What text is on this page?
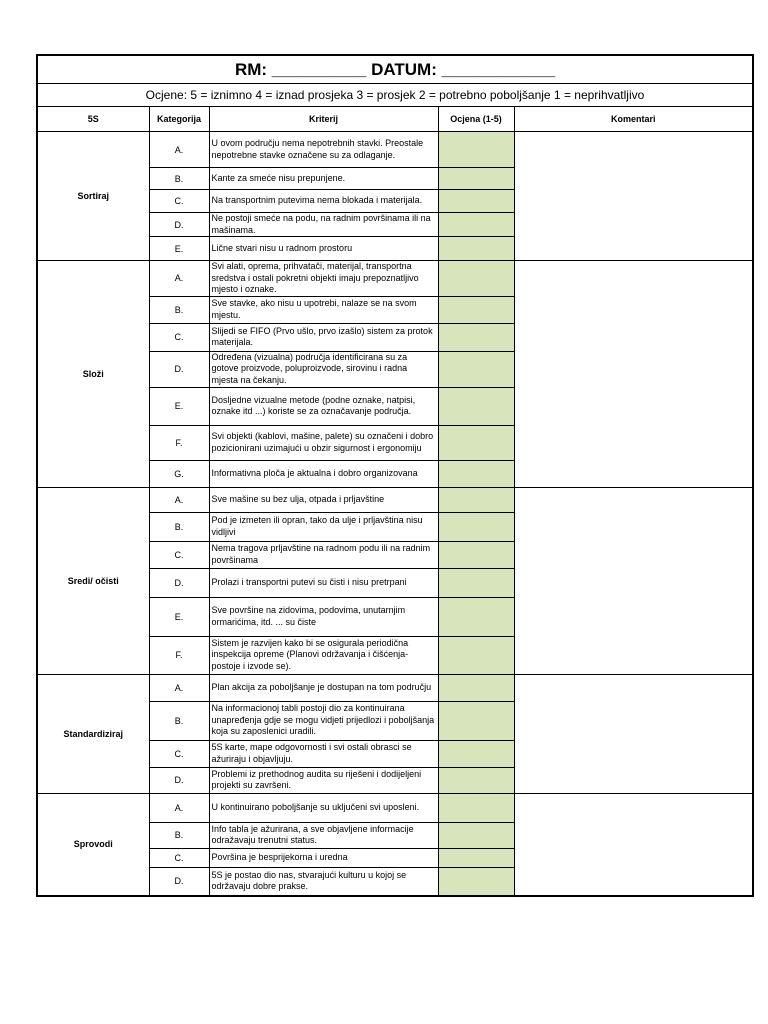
RM: __________ DATUM: ____________				
Ocjene: 5 = iznimno 4 = iznad prosjeka 3 = prosjek 2 = potrebno poboljšanje 1 = neprihvatljivo				
5S	Kategorija	Kriterij	Ocjena (1-5)	Komentari
Sortiraj	A.	U ovom području nema nepotrebnih stavki. Preostale nepotrebne stavke označene su za odlaganje.		
	B.	Kante za smeće nisu prepunjene.	
	C.	Na transportnim putevima nema blokada i materijala.	
	D.	Ne postoji smeće na podu, na radnim površinama ili na mašinama.	
	E.	Lične stvari nisu u radnom prostoru	
Složi	A.	Svi alati, oprema, prihvatači, materijal, transportna sredstva i ostali pokretni objekti imaju prepoznatljivo mjesto i oznake.		
	B.	Sve stavke, ako nisu u upotrebi, nalaze se na svom mjestu.	
	C.	Slijedi se FIFO (Prvo ušlo, prvo izašlo) sistem za protok materijala.	
	D.	Određena (vizualna) područja identificirana su za gotove proizvode, poluproizvode, sirovinu i radna mjesta na čekanju.	
	E.	Dosljedne vizualne metode (podne oznake, natpisi, oznake itd ...) koriste se za označavanje područja.	
	F.	Svi objekti (kablovi, mašine, palete) su označeni i dobro pozicionirani uzimajući u obzir sigurnost i ergonomiju	
	G.	Informativna ploča je aktualna i dobro organizovana	
Sredi/ očisti	A.	Sve mašine su bez ulja, otpada i prljavštine		
	B.	Pod je izmeten ili opran, tako da ulje i prljavština nisu vidljivi	
	C.	Nema tragova prljavštine na radnom podu ili na radnim površinama	
	D.	Prolazi i transportni putevi su čisti i nisu pretrpani	
	E.	Sve površine na zidovima, podovima, unutarnjim ormarićima, itd. ... su čiste	
	F.	Sistem je razvijen kako bi se osigurala periodična inspekcija opreme (Planovi održavanja i čišćenja-postoje i izvode se).	
Standardiziraj	A.	Plan akcija za poboljšanje je dostupan na tom području		
	B.	Na informacionoj tabli postoji dio za kontinuirana unapređenja gdje se mogu vidjeti prijedlozi i poboljšanja koja su zaposlenici uradili.	
	C.	5S karte, mape odgovornosti i svi ostali obrasci se ažuriraju i objavljuju.	
	D.	Problemi iz prethodnog audita su riješeni i dodijeljeni projekti su završeni.	
Sprovodi	A.	U kontinuirano poboljšanje su uključeni svi uposleni.		
	B.	Info tabla je ažurirana, a sve objavljene informacije odražavaju trenutni status.	
	C.	Površina je besprijekorna i uredna	
	D.	5S je postao dio nas, stvarajući kulturu u kojoj se održavaju dobre prakse.	
